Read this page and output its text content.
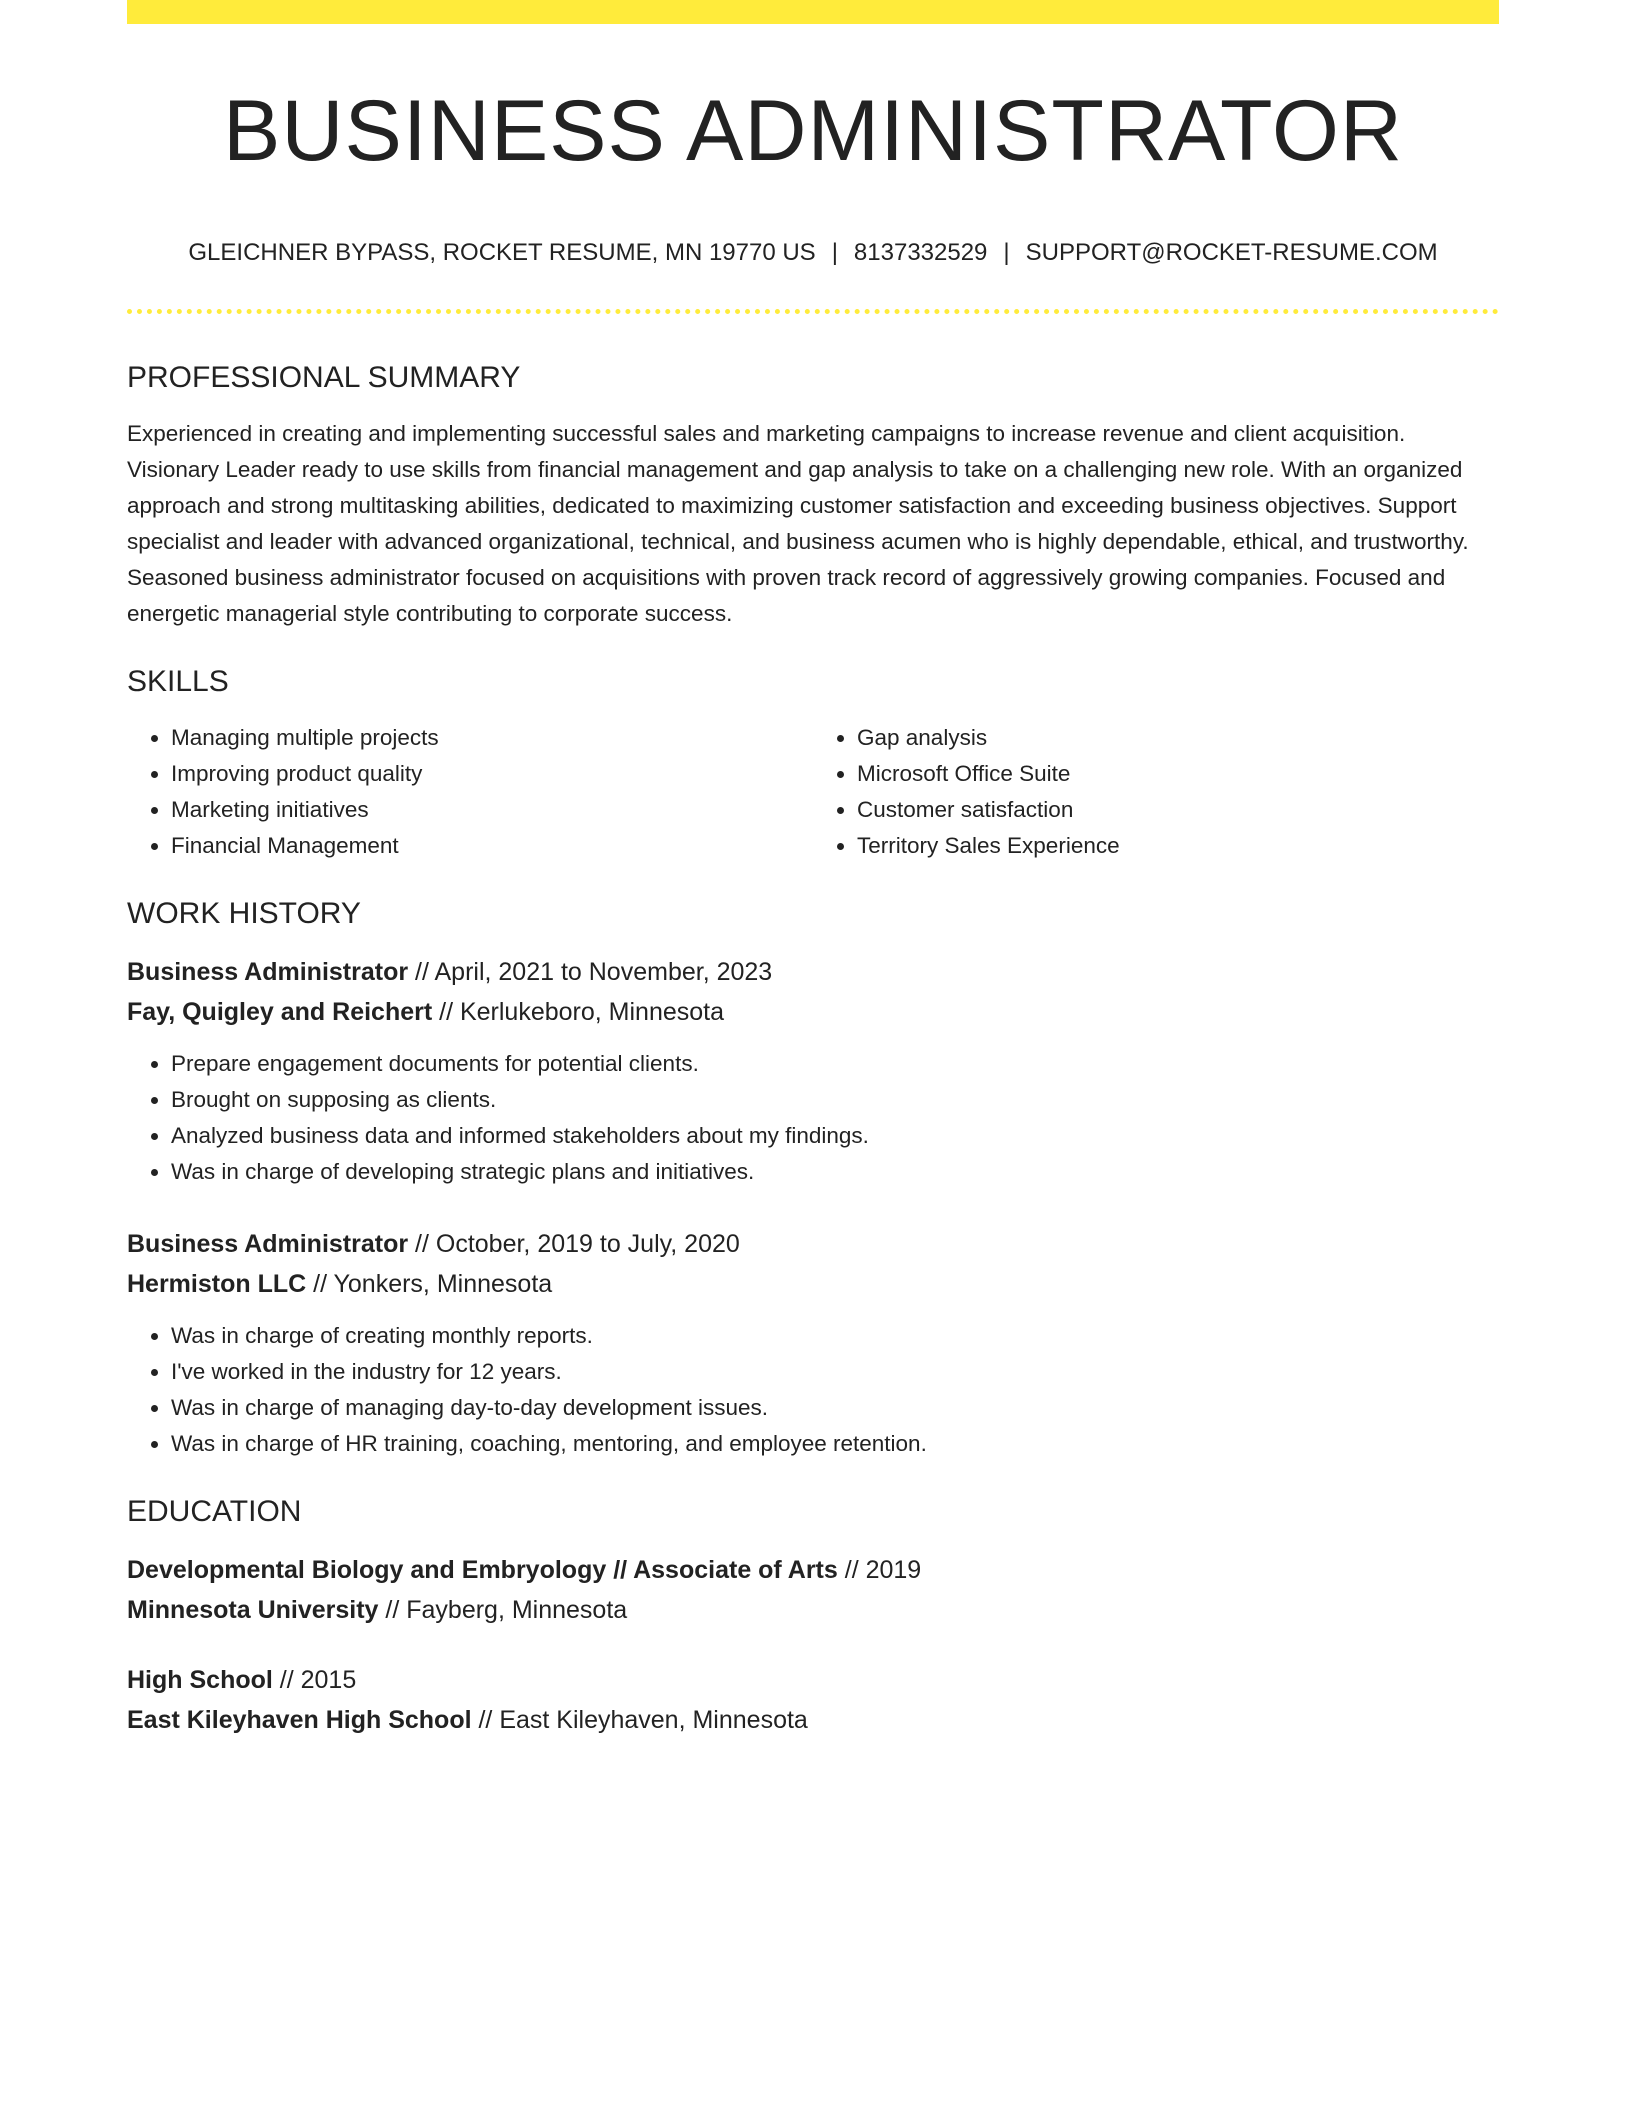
BUSINESS ADMINISTRATOR
GLEICHNER BYPASS, ROCKET RESUME, MN 19770 US | 8137332529 | SUPPORT@ROCKET-RESUME.COM
PROFESSIONAL SUMMARY
Experienced in creating and implementing successful sales and marketing campaigns to increase revenue and client acquisition. Visionary Leader ready to use skills from financial management and gap analysis to take on a challenging new role. With an organized approach and strong multitasking abilities, dedicated to maximizing customer satisfaction and exceeding business objectives. Support specialist and leader with advanced organizational, technical, and business acumen who is highly dependable, ethical, and trustworthy. Seasoned business administrator focused on acquisitions with proven track record of aggressively growing companies. Focused and energetic managerial style contributing to corporate success.
SKILLS
• Managing multiple projects
• Improving product quality
• Marketing initiatives
• Financial Management
• Gap analysis
• Microsoft Office Suite
• Customer satisfaction
• Territory Sales Experience
WORK HISTORY
Business Administrator // April, 2021 to November, 2023
Fay, Quigley and Reichert // Kerlukeboro, Minnesota
• Prepare engagement documents for potential clients.
• Brought on supposing as clients.
• Analyzed business data and informed stakeholders about my findings.
• Was in charge of developing strategic plans and initiatives.
Business Administrator // October, 2019 to July, 2020
Hermiston LLC // Yonkers, Minnesota
• Was in charge of creating monthly reports.
• I've worked in the industry for 12 years.
• Was in charge of managing day-to-day development issues.
• Was in charge of HR training, coaching, mentoring, and employee retention.
EDUCATION
Developmental Biology and Embryology // Associate of Arts // 2019
Minnesota University // Fayberg, Minnesota
High School // 2015
East Kileyhaven High School // East Kileyhaven, Minnesota
